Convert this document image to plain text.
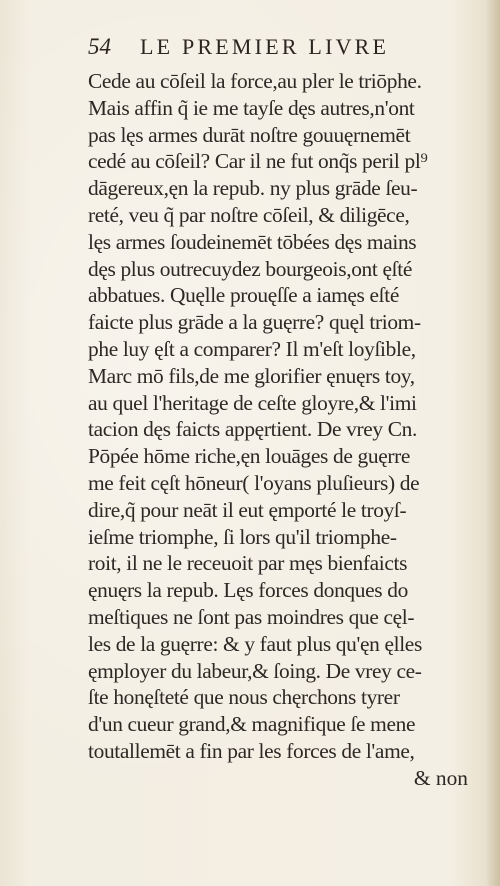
54 LE PREMIER LIVRE
Cede au cōſeil la force,au pler le triōphe.
Mais affin q̃ ie me tayſe dęs autres,n'ont
pas lęs armes durāt noſtre gouuęrnemēt
cedé au cōſeil? Car il ne fut onq̃s peril pl⁹
dāgereux,ęn la repub. ny plus grāde ſeu-
reté, veu q̃ par noſtre cōſeil, & diligēce,
lęs armes ſoudeinemēt tōbées dęs mains
dęs plus outrecuydez bourgeois,ont ęſté
abbatues. Quęlle prouęſſe a iamęs eſté
faicte plus grāde a la guęrre? quęl triom-
phe luy ęſt a comparer? Il m'eſt loyſible,
Marc mō fils,de me glorifier ęnuęrs toy,
au quel l'heritage de ceſte gloyre,& l'imi
tacion dęs faicts appęrtient. De vrey Cn.
Pōpée hōme riche,ęn louāges de guęrre
me feit cęſt hōneur( l'oyans pluſieurs) de
dire,q̃ pour neāt il eut ęmporté le troyſ-
ieſme triomphe, ſi lors qu'il triomphe-
roit, il ne le receuoit par męs bienfaicts
ęnuęrs la repub. Lęs forces donques do
meſtiques ne ſont pas moindres que cęl-
les de la guęrre: & y faut plus qu'ęn ęlles
ęmployer du labeur,& ſoing. De vrey ce-
ſte honęſteté que nous chęrchons tyrer
d'un cueur grand,& magnifique ſe mene
toutallemēt a fin par les forces de l'ame,
& non
